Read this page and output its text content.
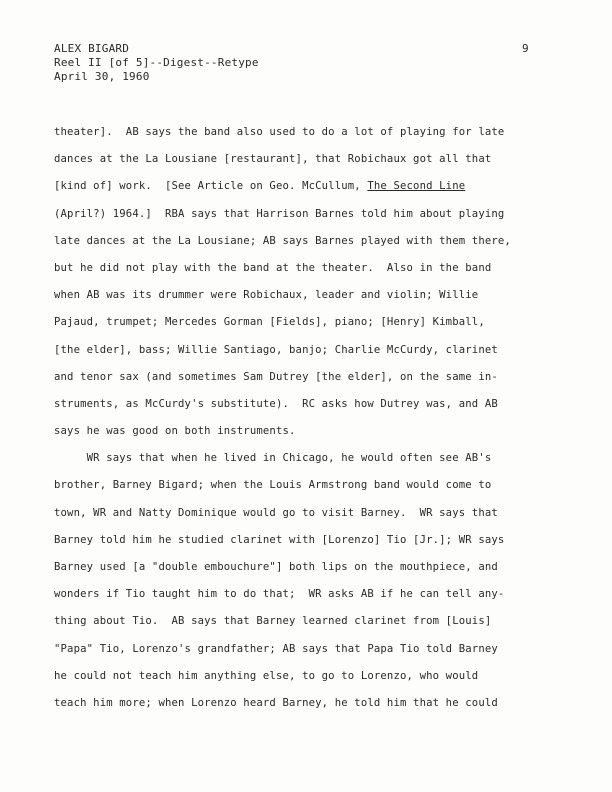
ALEX BIGARD
Reel II [of 5]--Digest--Retype
April 30, 1960
9
theater].  AB says the band also used to do a lot of playing for late
dances at the La Lousiane [restaurant], that Robichaux got all that
[kind of] work.  [See Article on Geo. McCullum, The Second Line
(April?) 1964.]  RBA says that Harrison Barnes told him about playing
late dances at the La Lousiane; AB says Barnes played with them there,
but he did not play with the band at the theater.  Also in the band
when AB was its drummer were Robichaux, leader and violin; Willie
Pajaud, trumpet; Mercedes Gorman [Fields], piano; [Henry] Kimball,
[the elder], bass; Willie Santiago, banjo; Charlie McCurdy, clarinet
and tenor sax (and sometimes Sam Dutrey [the elder], on the same in-
struments, as McCurdy's substitute).  RC asks how Dutrey was, and AB
says he was good on both instruments.
WR says that when he lived in Chicago, he would often see AB's
brother, Barney Bigard; when the Louis Armstrong band would come to
town, WR and Natty Dominique would go to visit Barney.  WR says that
Barney told him he studied clarinet with [Lorenzo] Tio [Jr.]; WR says
Barney used [a "double embouchure"] both lips on the mouthpiece, and
wonders if Tio taught him to do that;  WR asks AB if he can tell any-
thing about Tio.  AB says that Barney learned clarinet from [Louis]
"Papa" Tio, Lorenzo's grandfather; AB says that Papa Tio told Barney
he could not teach him anything else, to go to Lorenzo, who would
teach him more; when Lorenzo heard Barney, he told him that he could
